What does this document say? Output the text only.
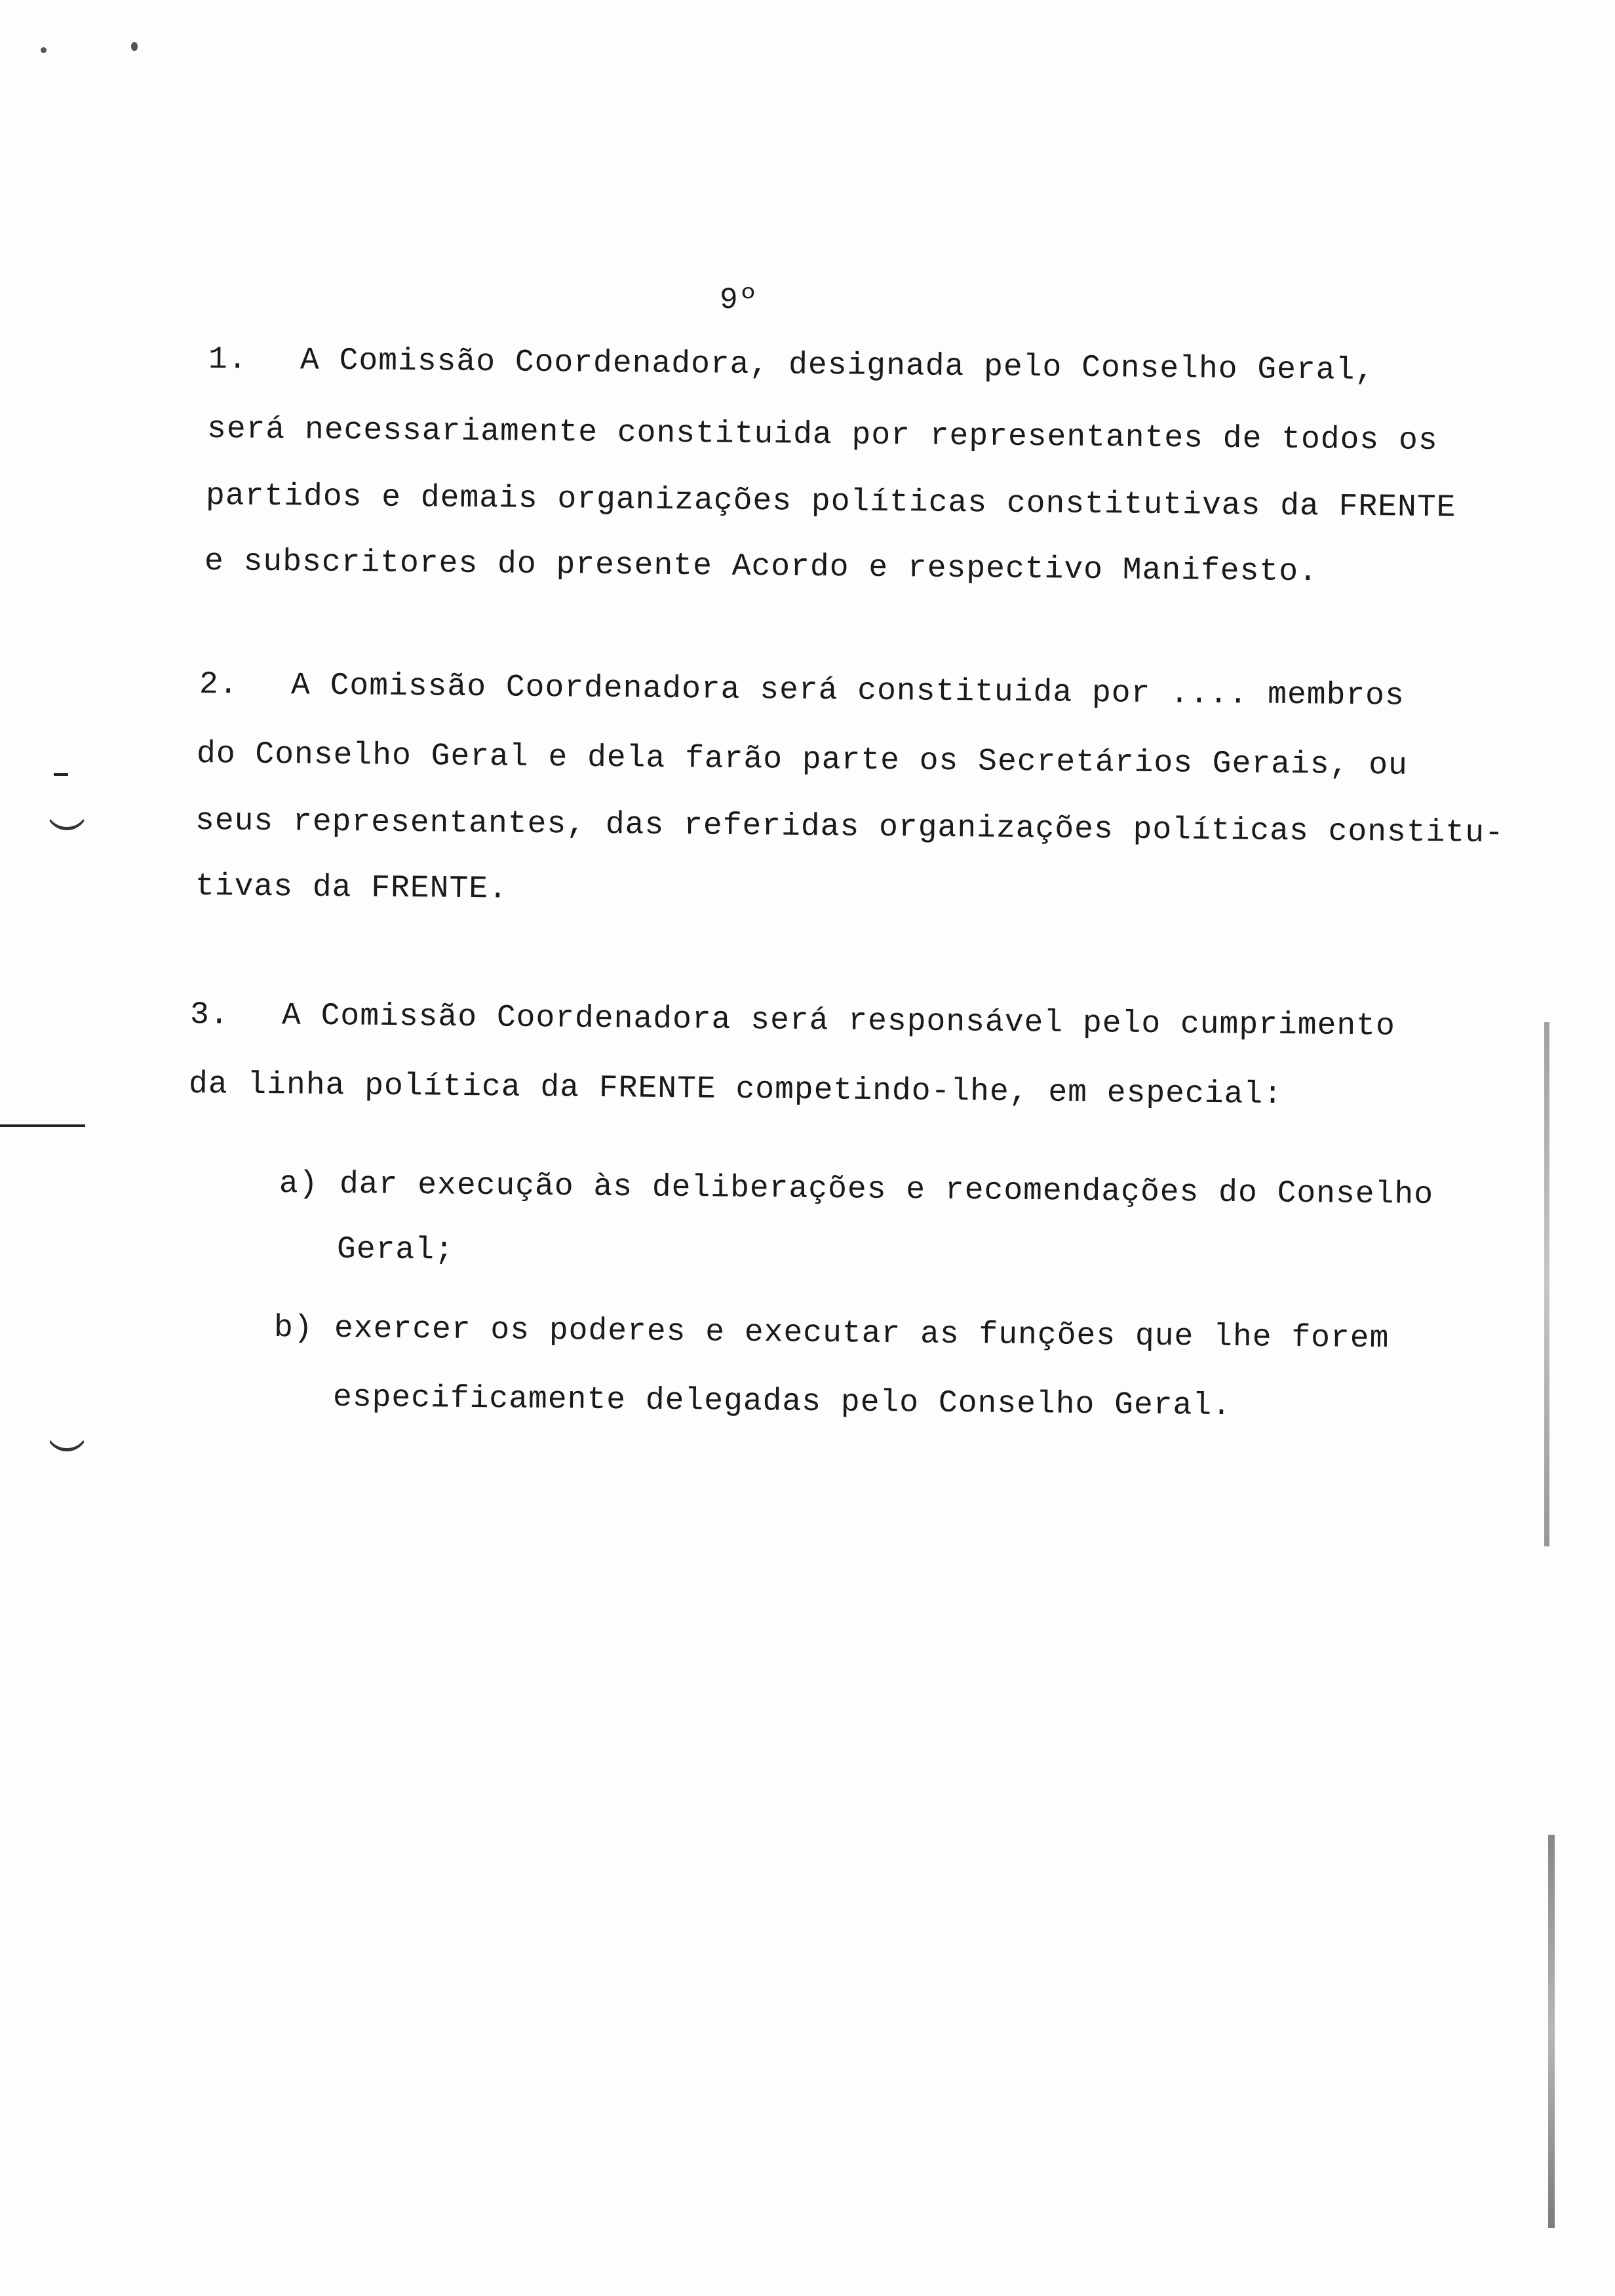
9º
1. A Comissão Coordenadora, designada pelo Conselho Geral,
será necessariamente constituida por representantes de todos os
partidos e demais organizações políticas constitutivas da FRENTE
e subscritores do presente Acordo e respectivo Manifesto.
2. A Comissão Coordenadora será constituida por .... membros
do Conselho Geral e dela farão parte os Secretários Gerais, ou
seus representantes, das referidas organizações políticas constitu-
tivas da FRENTE.
3. A Comissão Coordenadora será responsável pelo cumprimento
da linha política da FRENTE competindo-lhe, em especial:
a) dar execução às deliberações e recomendações do Conselho
Geral;
b) exercer os poderes e executar as funções que lhe forem
especificamente delegadas pelo Conselho Geral.
